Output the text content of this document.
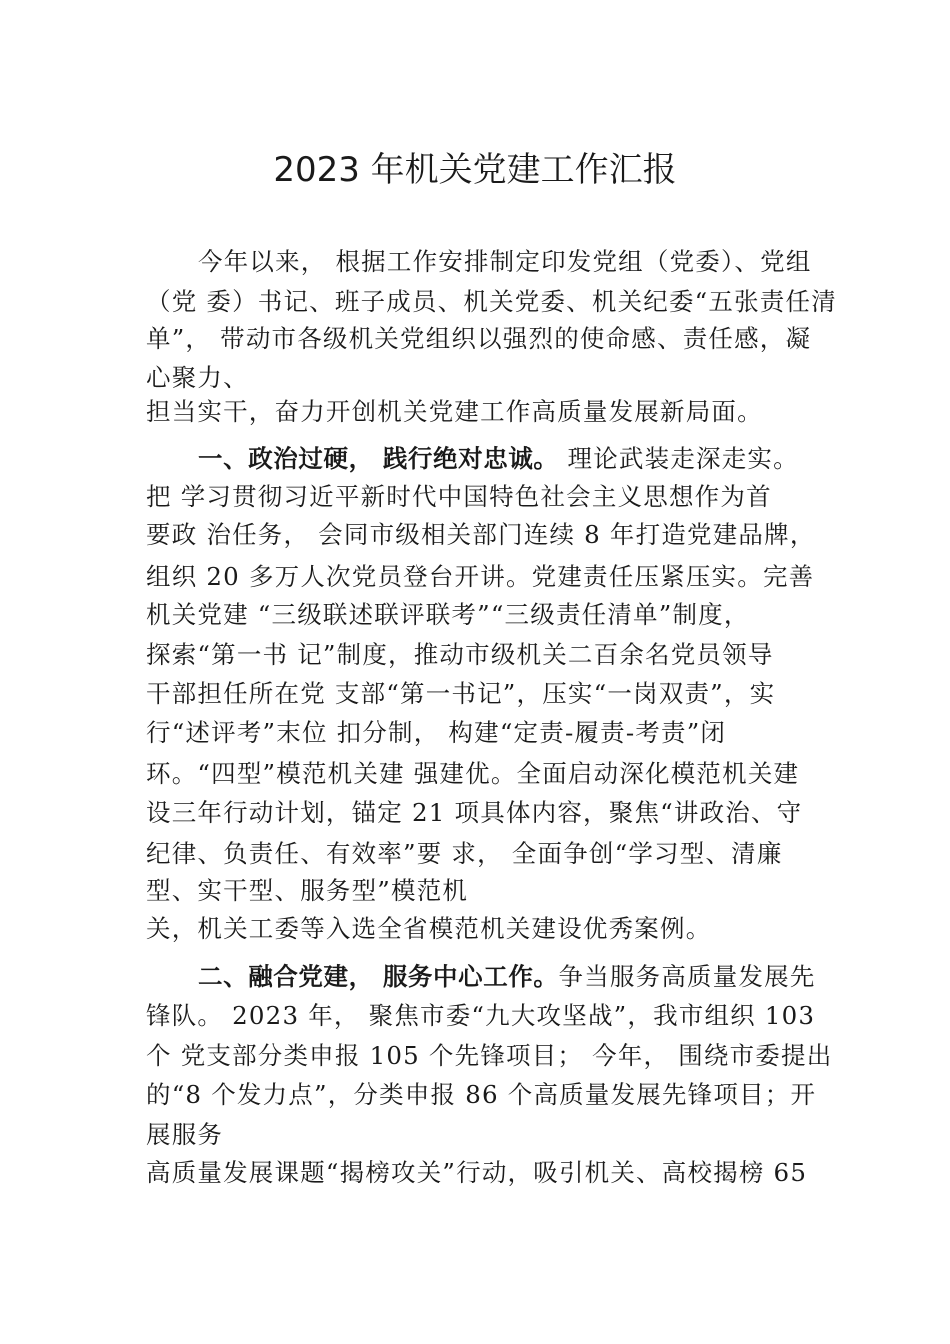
2023 年机关党建工作汇报
今年以来， 根据工作安排制定印发党组（党委）、党组
（党 委）书记、班子成员、机关党委、机关纪委“五张责任清
单”， 带动市各级机关党组织以强烈的使命感、责任感，凝
心聚力、
担当实干，奋力开创机关党建工作高质量发展新局面。
一、政治过硬， 践行绝对忠诚。 理论武装走深走实。
把 学习贯彻习近平新时代中国特色社会主义思想作为首
要政 治任务， 会同市级相关部门连续 8 年打造党建品牌，
组织 20 多万人次党员登台开讲。党建责任压紧压实。完善
机关党建 “三级联述联评联考”“三级责任清单”制度，
探索“第一书 记”制度，推动市级机关二百余名党员领导
干部担任所在党 支部“第一书记”，压实“一岗双责”，实
行“述评考”末位 扣分制， 构建“定责-履责-考责”闭
环。“四型”模范机关建 强建优。全面启动深化模范机关建
设三年行动计划，锚定 21 项具体内容，聚焦“讲政治、守
纪律、负责任、有效率”要 求， 全面争创“学习型、清廉
型、实干型、服务型”模范机
关，机关工委等入选全省模范机关建设优秀案例。
二、融合党建， 服务中心工作。争当服务高质量发展先
锋队。 2023 年， 聚焦市委“九大攻坚战”，我市组织 103
个 党支部分类申报 105 个先锋项目； 今年， 围绕市委提出
的“8 个发力点”，分类申报 86 个高质量发展先锋项目；开
展服务
高质量发展课题“揭榜攻关”行动，吸引机关、高校揭榜 65
